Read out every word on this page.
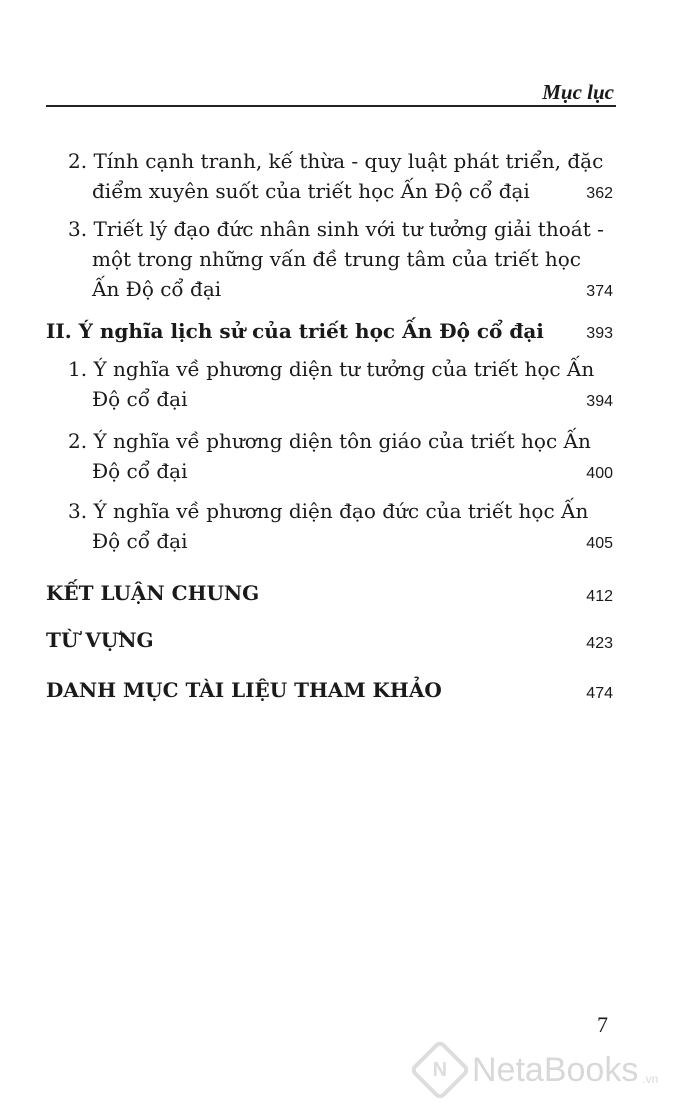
Mục lục
2. Tính cạnh tranh, kế thừa - quy luật phát triển, đặc
điểm xuyên suốt của triết học Ấn Độ cổ đại	362
3. Triết lý đạo đức nhân sinh với tư tưởng giải thoát -
một trong những vấn đề trung tâm của triết học
Ấn Độ cổ đại	374
II. Ý nghĩa lịch sử của triết học Ấn Độ cổ đại	393
1. Ý nghĩa về phương diện tư tưởng của triết học Ấn
Độ cổ đại	394
2. Ý nghĩa về phương diện tôn giáo của triết học Ấn
Độ cổ đại	400
3. Ý nghĩa về phương diện đạo đức của triết học Ấn
Độ cổ đại	405
KẾT LUẬN CHUNG	412
TỪ VỰNG	423
DANH MỤC TÀI LIỆU THAM KHẢO	474
7
N NetaBooks .vn
